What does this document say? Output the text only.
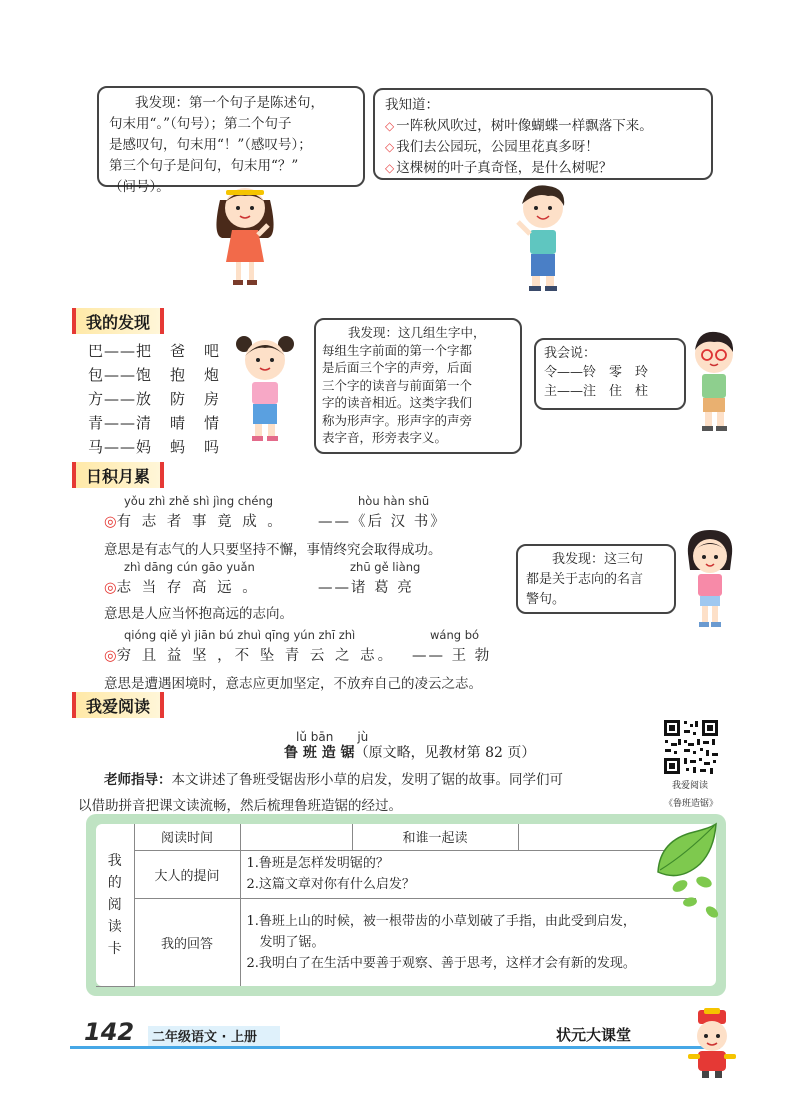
我发现：第一个句子是陈述句，

句末用“。”（句号）；第二个句子

是感叹句，句末用“！”（感叹号）；

第三个句子是问句，句末用“？”

（问号）。

我知道：

◇ 一阵秋风吹过，树叶像蝴蝶一样飘落下来。

◇ 我们去公园玩，公园里花真多呀！

◇ 这棵树的叶子真奇怪，是什么树呢？

我的发现
巴——把　爸　吧
包——饱　抱　炮
方——放　防　房
青——清　晴　情
马——妈　蚂　吗

我发现：这几组生字中，

每组生字前面的第一个字都

是后面三个字的声旁，后面

三个字的读音与前面第一个

字的读音相近。这类字我们

称为形声字。形声字的声旁

表字音，形旁表字义。

我会说：

令——铃　零　玲

主——注　住　柱

日积月累
yǒu zhì zhě shì jìng chéng	hòu hàn shū
◎有 志 者 事 竟 成 。 ——《后 汉 书》
意思是有志气的人只要坚持不懈，事情终究会取得成功。
zhì dāng cún gāo yuǎn	zhū gě liàng
◎志 当 存 高 远 。	——诸 葛 亮
意思是人应当怀抱高远的志向。
qióng qiě yì jiān bú zhuì qīng yún zhī zhì	wáng bó
◎穷 且 益 坚 ，不 坠 青 云 之 志。 —— 王 勃
意思是遭遇困境时，意志应更加坚定，不放弃自己的凌云之志。

我发现：这三句

都是关于志向的名言

警句。

我爱阅读
lǔ bān　　jù
鲁 班 造 锯（原文略，见教材第 82 页）
老师指导：本文讲述了鲁班受锯齿形小草的启发，发明了锯的故事。同学们可
以借助拼音把课文读流畅，然后梳理鲁班造锯的经过。
我爱阅读
《鲁班造锯》
我
的
阅
读
卡	阅读时间		和谁一起读	
	大人的提问	1.鲁班是怎样发明锯的？
2.这篇文章对你有什么启发？		

	我的回答	1.鲁班上山的时候，被一根带齿的小草划破了手指，由此受到启发，
　发明了锯。
2.我明白了在生活中要善于观察、善于思考，这样才会有新的发现。		
142	二年级语文 · 上册	状元大课堂
